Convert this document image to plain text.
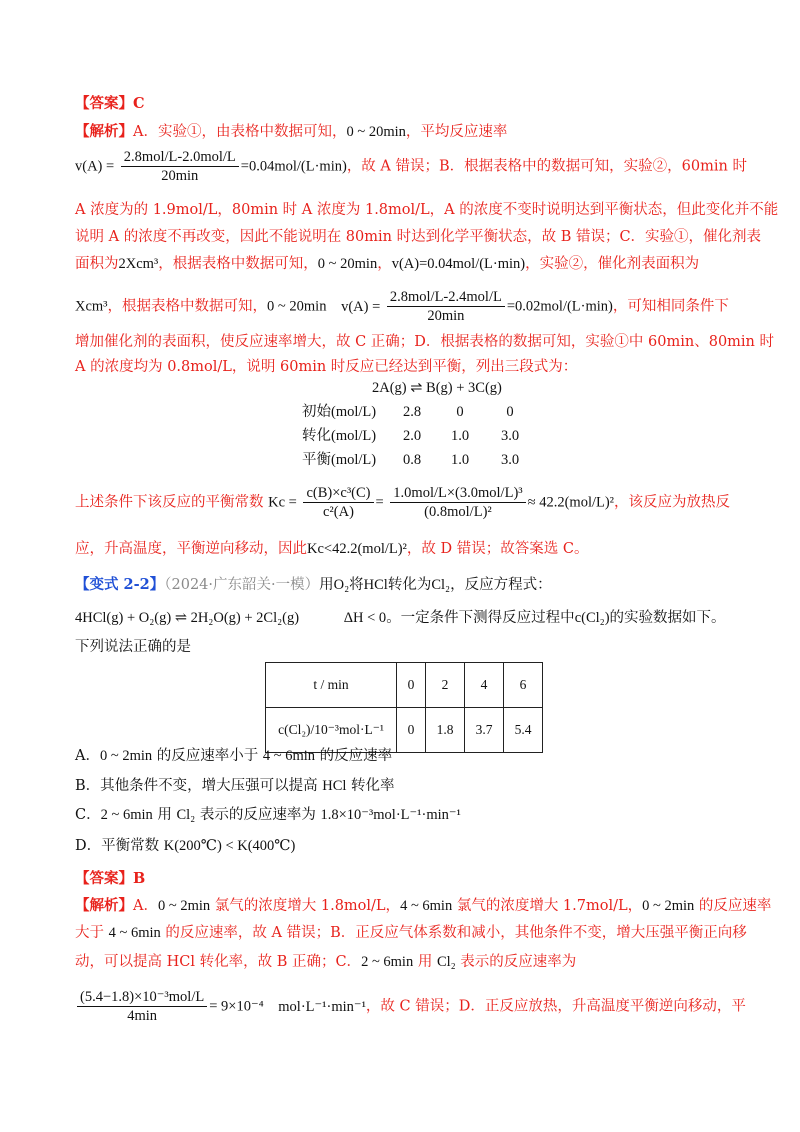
【答案】C
【解析】A．实验①，由表格中数据可知，0 ~ 20min，平均反应速率
$v(A) = \frac{\text{2.8mol/L-2.0mol/L}}{20\min} =0.04mol/(L\cdot\min)$，故 A 错误；B．根据表格中的数据可知，实验②，60min 时
A 浓度为的 1.9mol/L，80min 时 A 浓度为 1.8mol/L，A 的浓度不变时说明达到平衡状态，但此变化并不能
说明 A 的浓度不再改变，因此不能说明在 80min 时达到化学平衡状态，故 B 错误；C．实验①，催化剂表
面积为2Xcm³，根据表格中数据可知，0 ~ 20min，v(A)=0.04mol/(L·min)，实验②，催化剂表面积为
Xcm³，根据表格中数据可知，0 ~ 20min $v(A) = \frac{\text{2.8mol/L-2.4mol/L}}{20\min} =0.02mol/(L\cdot\min)$，可知相同条件下
增加催化剂的表面积，使反应速率增大，故 C 正确；D．根据表格的数据可知，实验①中 60min、80min 时
A 的浓度均为 0.8mol/L，说明 60min 时反应已经达到平衡，列出三段式为：
2A(g) ⇌ B(g) + 3C(g)
初始(mol/L)	2.8	0	0
转化(mol/L)	2.0	1.0	3.0
平衡(mol/L)	0.8	1.0	3.0
上述条件下该反应的平衡常数 $Kc = \frac{\text{c(B)×c³(C)}}{\text{c²(A)}} = \frac{\text{1.0mol/L×(3.0mol/L)³}}{\text{(0.8mol/L)²}} \approx 42.2(mol/L)^2$，该反应为放热反
应，升高温度，平衡逆向移动，因此Kc<42.2(mol/L)²，故 D 错误；故答案选 C。
【变式 2-2】（2024·广东韶关·一模）用O₂将HCl转化为Cl₂，反应方程式：
4HCl(g) + O₂(g) ⇌ 2H₂O(g) + 2Cl₂(g)	ΔH < 0。一定条件下测得反应过程中c(Cl₂)的实验数据如下。
下列说法正确的是
t / min	0	2	4	6
c(Cl₂)/10⁻³mol·L⁻¹	0	1.8	3.7	5.4
A．0 ~ 2min 的反应速率小于 4 ~ 6min 的反应速率
B．其他条件不变，增大压强可以提高 HCl 转化率
C．2 ~ 6min 用 Cl₂ 表示的反应速率为 1.8×10⁻³mol·L⁻¹·min⁻¹
D．平衡常数 K(200℃) < K(400℃)
【答案】B
【解析】A．0 ~ 2min 氯气的浓度增大 1.8mol/L，4 ~ 6min 氯气的浓度增大 1.7mol/L，0 ~ 2min 的反应速率
大于 4 ~ 6min 的反应速率，故 A 错误；B．正反应气体系数和减小，其他条件不变，增大压强平衡正向移
动，可以提高 HCl 转化率，故 B 正确；C．2 ~ 6min 用 Cl₂ 表示的反应速率为
$\frac{\text{(5.4−1.8)×10⁻³mol/L}}{4\min} = 9\times 10^{-4}$ mol·L⁻¹·min⁻¹，故 C 错误；D．正反应放热，升高温度平衡逆向移动，平
